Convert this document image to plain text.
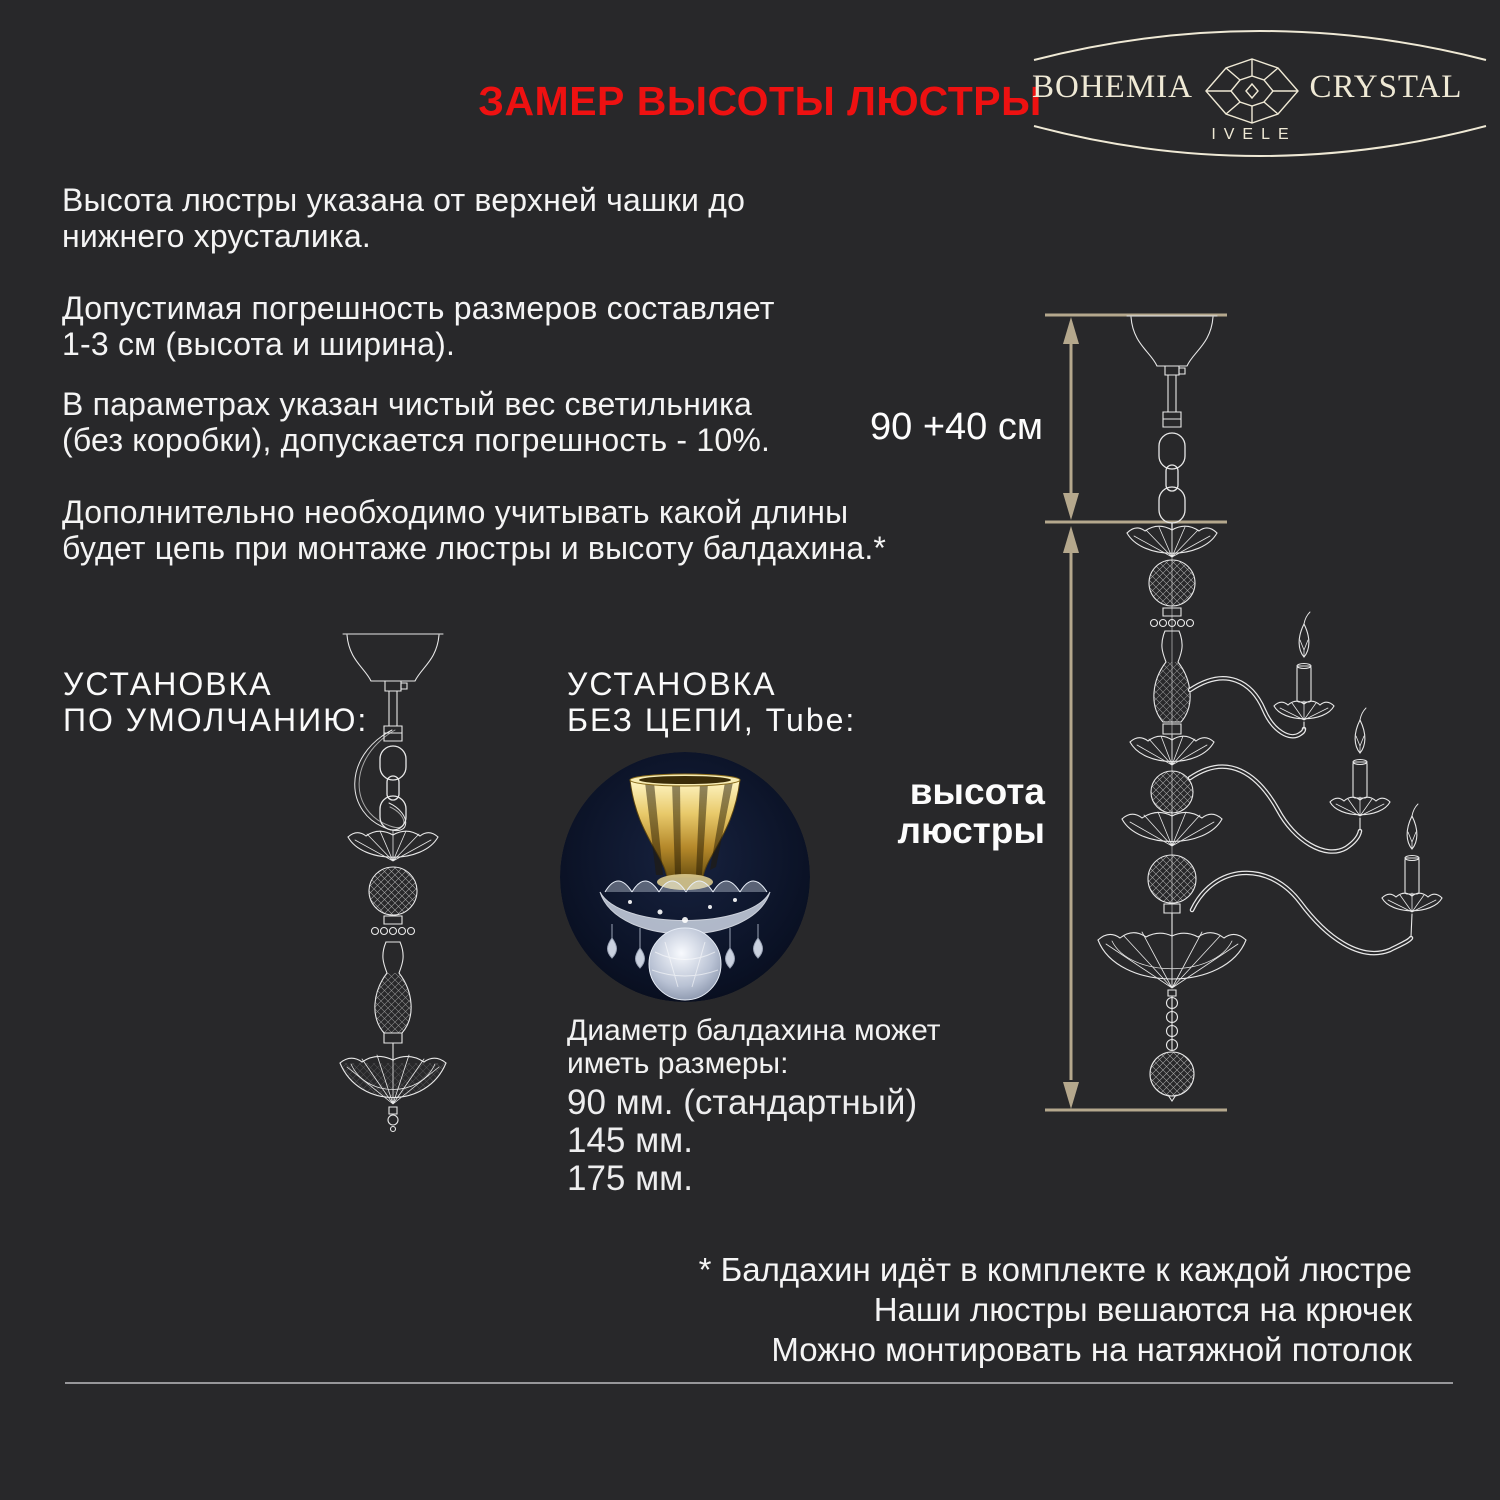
ЗАМЕР ВЫСОТЫ ЛЮСТРЫ
BOHEMIA	CRYSTAL
IVELE
Высота люстры указана от верхней чашки до
нижнего хрусталика.
Допустимая погрешность размеров составляет
1-3 см (высота и ширина).
В параметрах указан чистый вес светильника
(без коробки), допускается погрешность - 10%.
Дополнительно необходимо учитывать какой длины
будет цепь при монтаже люстры и высоту балдахина.*
УСТАНОВКА
ПО УМОЛЧАНИЮ:
УСТАНОВКА
БЕЗ ЦЕПИ, Tube:
Диаметр балдахина может
иметь размеры:
90 мм. (стандартный)
145 мм.
175 мм.
90 +40 см
высота
люстры
* Балдахин идёт в комплекте к каждой люстре
Наши люстры вешаются на крючек
Можно монтировать на натяжной потолок
